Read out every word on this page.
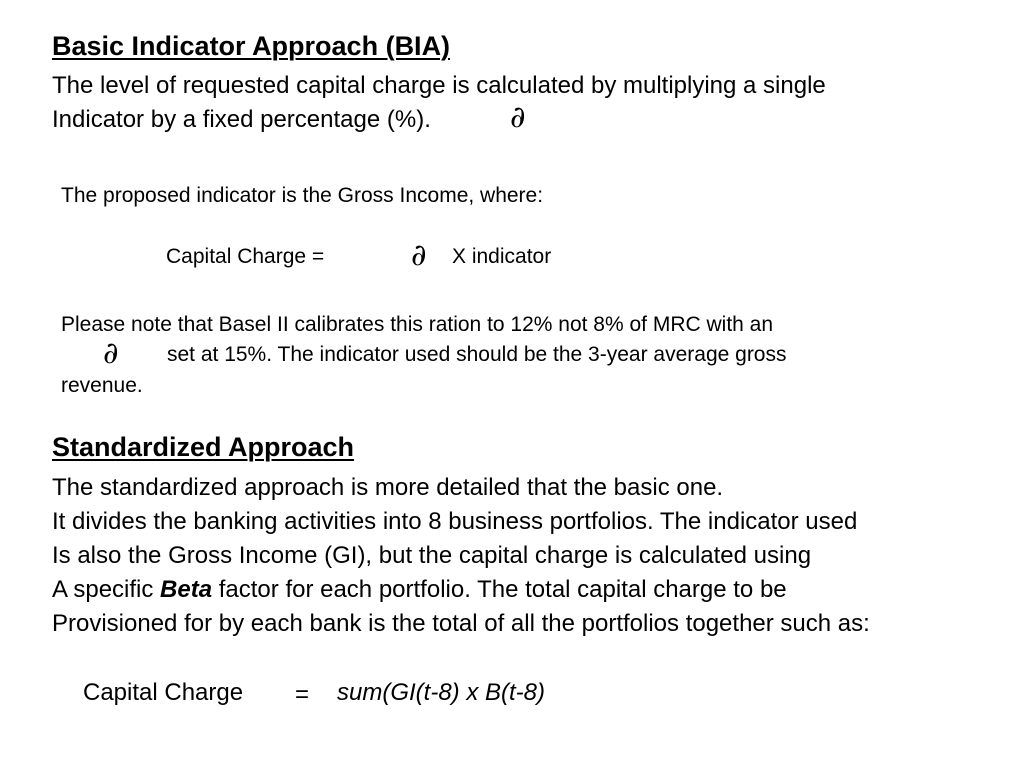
Basic Indicator Approach (BIA)
The level of requested capital charge is calculated by multiplying a single
Indicator by a fixed percentage (%).	∂
The proposed indicator is the Gross Income, where:
Capital Charge =	∂ X indicator
Please note that Basel II calibrates this ration to 12% not 8% of MRC with an
∂ set at 15%. The indicator used should be the 3-year average gross
revenue.
Standardized Approach
The standardized approach is more detailed that the basic one.
It divides the banking activities into 8 business portfolios. The indicator used
Is also the Gross Income (GI), but the capital charge is calculated using
A specific Beta factor for each portfolio. The total capital charge to be
Provisioned for by each bank is the total of all the portfolios together such as:
Capital Charge = sum(GI(t-8) x B(t-8)
